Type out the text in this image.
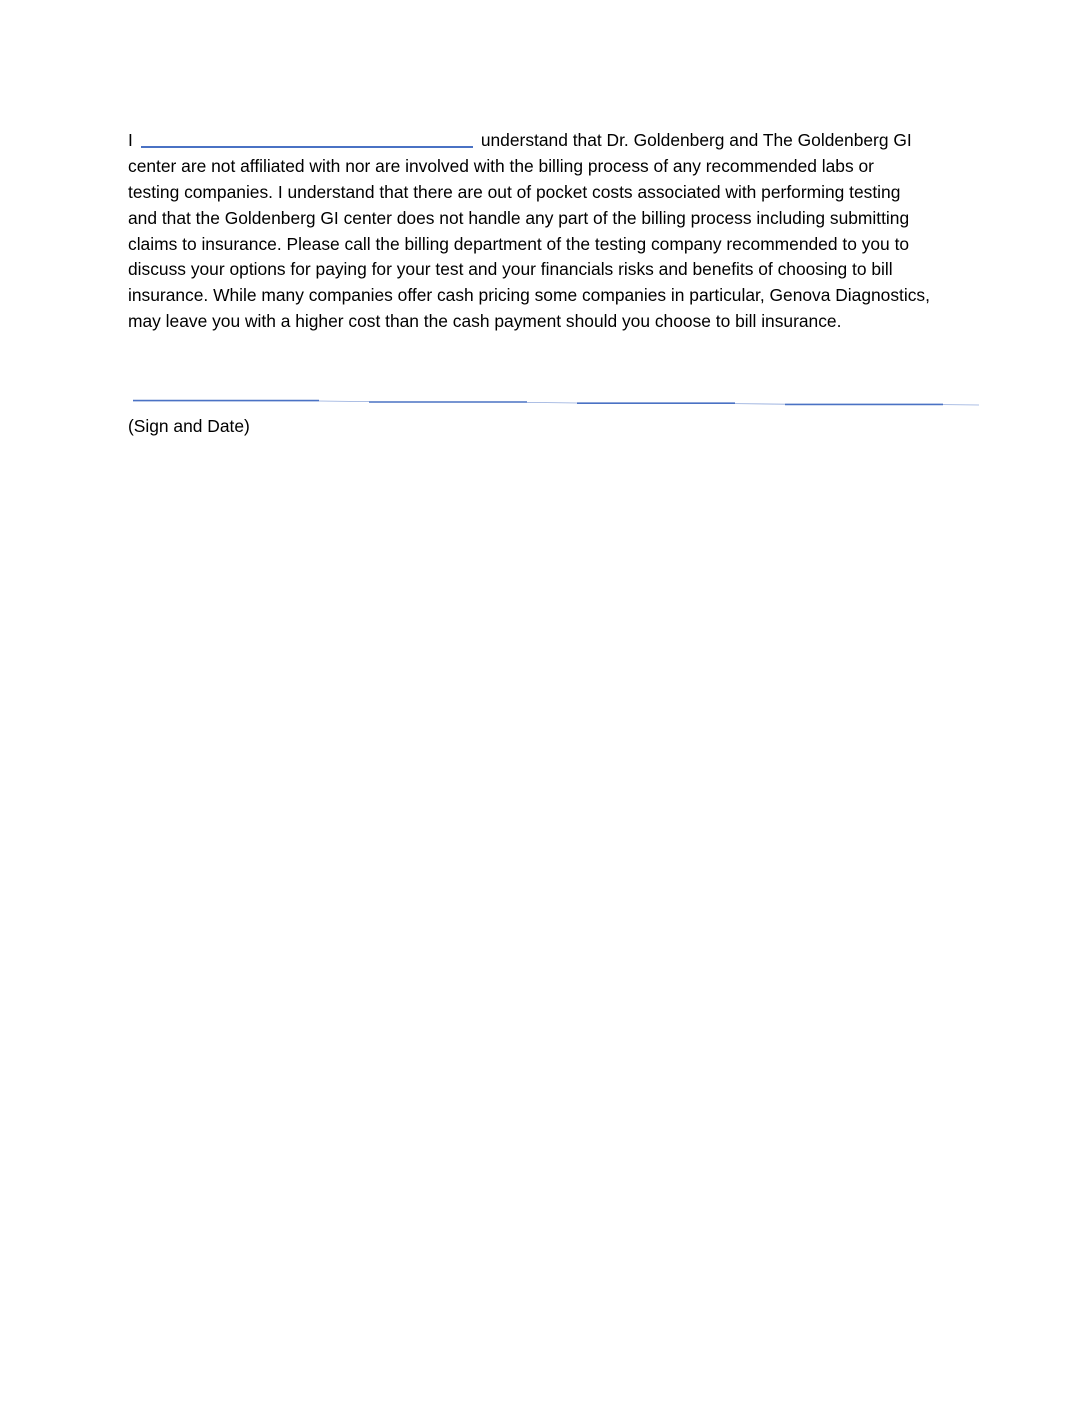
I	understand that Dr. Goldenberg and The Goldenberg GI
center are not affiliated with nor are involved with the billing process of any recommended labs or
testing companies. I understand that there are out of pocket costs associated with performing testing
and that the Goldenberg GI center does not handle any part of the billing process including submitting
claims to insurance. Please call the billing department of the testing company recommended to you to
discuss your options for paying for your test and your financials risks and benefits of choosing to bill
insurance. While many companies offer cash pricing some companies in particular, Genova Diagnostics,
may leave you with a higher cost than the cash payment should you choose to bill insurance.
(Sign and Date)
